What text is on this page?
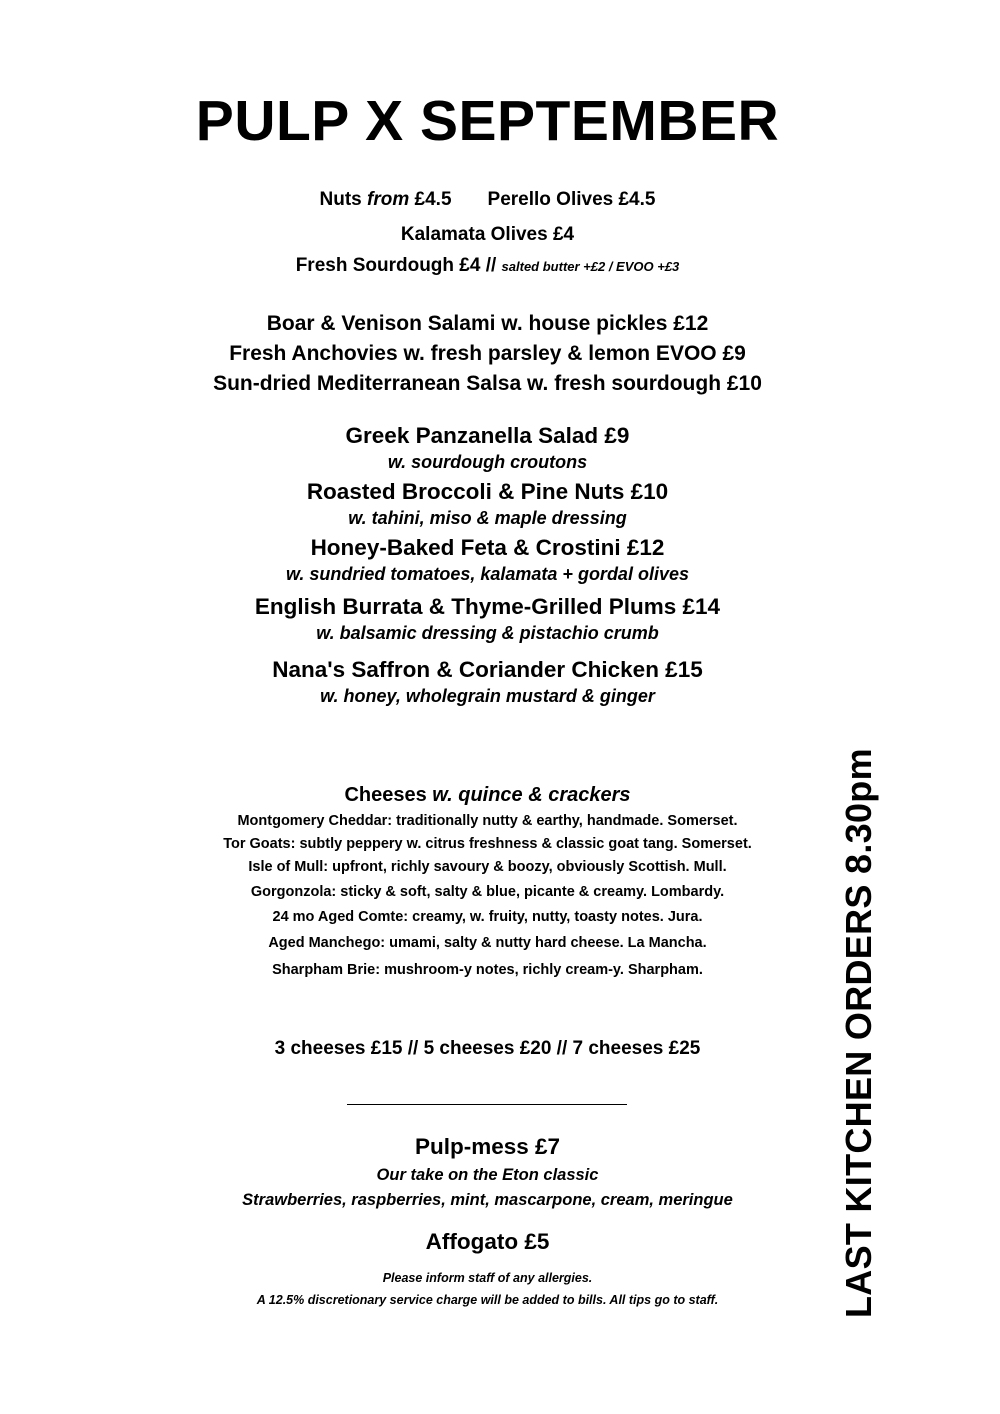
PULP X SEPTEMBER
Nuts from £4.5 Perello Olives £4.5
Kalamata Olives £4
Fresh Sourdough £4 // salted butter +£2 / EVOO +£3
Boar & Venison Salami w. house pickles £12
Fresh Anchovies w. fresh parsley & lemon EVOO £9
Sun-dried Mediterranean Salsa w. fresh sourdough £10
Greek Panzanella Salad £9
w. sourdough croutons
Roasted Broccoli & Pine Nuts £10
w. tahini, miso & maple dressing
Honey-Baked Feta & Crostini £12
w. sundried tomatoes, kalamata + gordal olives
English Burrata & Thyme-Grilled Plums £14
w. balsamic dressing & pistachio crumb
Nana's Saffron & Coriander Chicken £15
w. honey, wholegrain mustard & ginger
Cheeses w. quince & crackers
Montgomery Cheddar: traditionally nutty & earthy, handmade. Somerset.
Tor Goats: subtly peppery w. citrus freshness & classic goat tang. Somerset.
Isle of Mull: upfront, richly savoury & boozy, obviously Scottish. Mull.
Gorgonzola: sticky & soft, salty & blue, picante & creamy. Lombardy.
24 mo Aged Comte: creamy, w. fruity, nutty, toasty notes. Jura.
Aged Manchego: umami, salty & nutty hard cheese. La Mancha.
Sharpham Brie: mushroom-y notes, richly cream-y. Sharpham.
3 cheeses £15 // 5 cheeses £20 // 7 cheeses £25
Pulp-mess £7
Our take on the Eton classic
Strawberries, raspberries, mint, mascarpone, cream, meringue
Affogato £5
Please inform staff of any allergies.
A 12.5% discretionary service charge will be added to bills. All tips go to staff.	LAST KITCHEN ORDERS 8.30pm
